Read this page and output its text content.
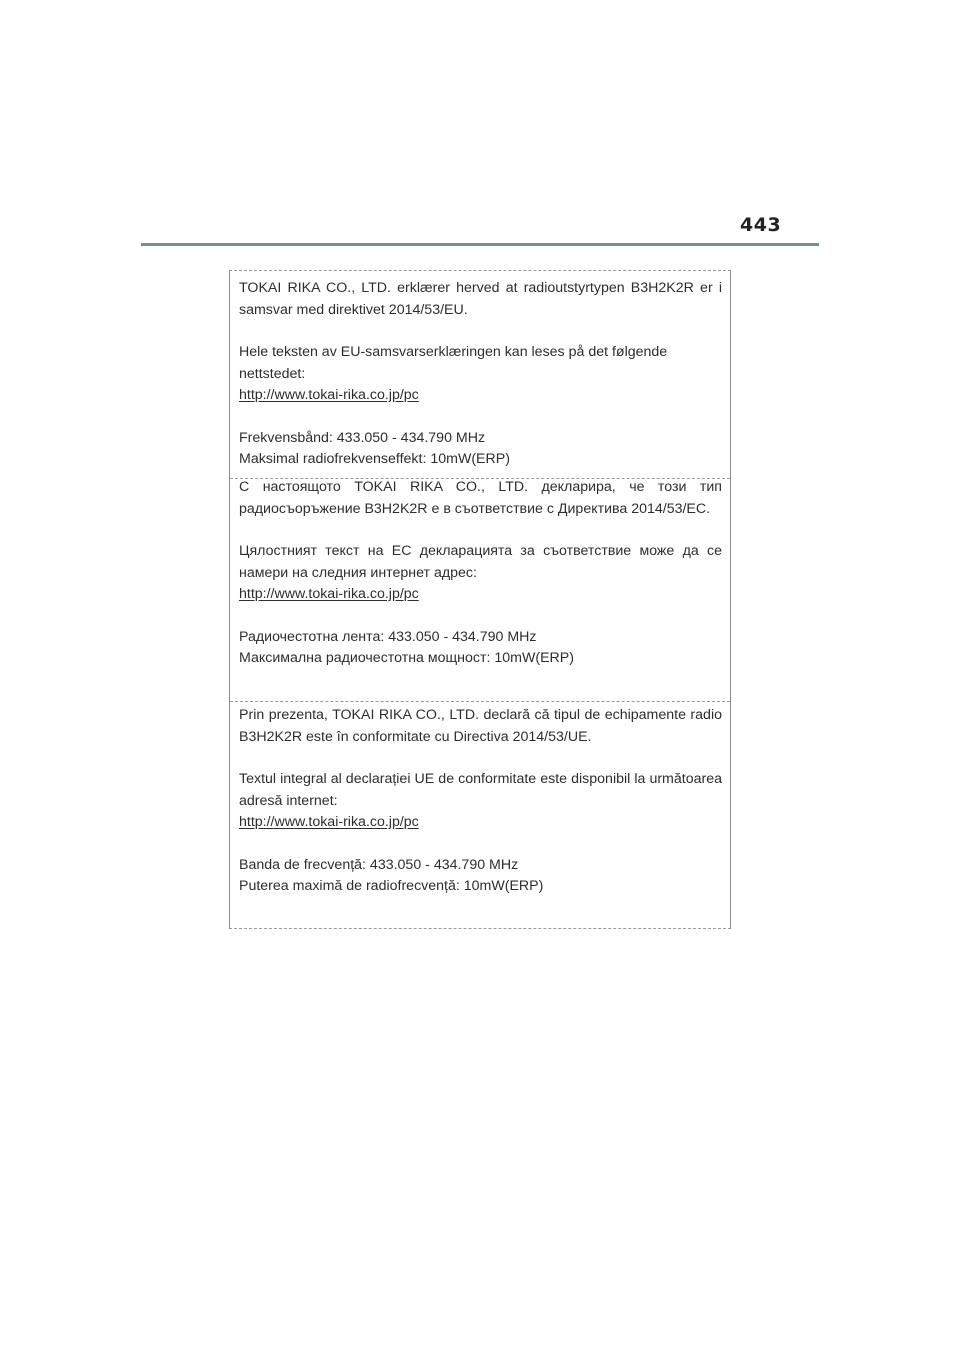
443

TOKAI RIKA CO., LTD. erklærer herved at radioutstyrtypen B3H2K2R er i samsvar med direktivet 2014/53/EU.

Hele teksten av EU-samsvarserklæringen kan leses på det følgende nettstedet:

http://www.tokai-rika.co.jp/pc

Frekvensbånd: 433.050 - 434.790 MHz

Maksimal radiofrekvenseffekt: 10mW(ERP)

С настоящото TOKAI RIKA CO., LTD. декларира, че този тип радиосъоръжение B3H2K2R е в съответствие с Директива 2014/53/ЕС.

Цялостният текст на ЕС декларацията за съответствие може да се намери на следния интернет адрес:

http://www.tokai-rika.co.jp/pc

Радиочестотна лента: 433.050 - 434.790 MHz

Максимална радиочестотна мощност: 10mW(ERP)

Prin prezenta, TOKAI RIKA CO., LTD. declară că tipul de echipamente radio B3H2K2R este în conformitate cu Directiva 2014/53/UE.

Textul integral al declarației UE de conformitate este disponibil la următoarea adresă internet:

http://www.tokai-rika.co.jp/pc

Banda de frecvență: 433.050 - 434.790 MHz

Puterea maximă de radiofrecvență: 10mW(ERP)
